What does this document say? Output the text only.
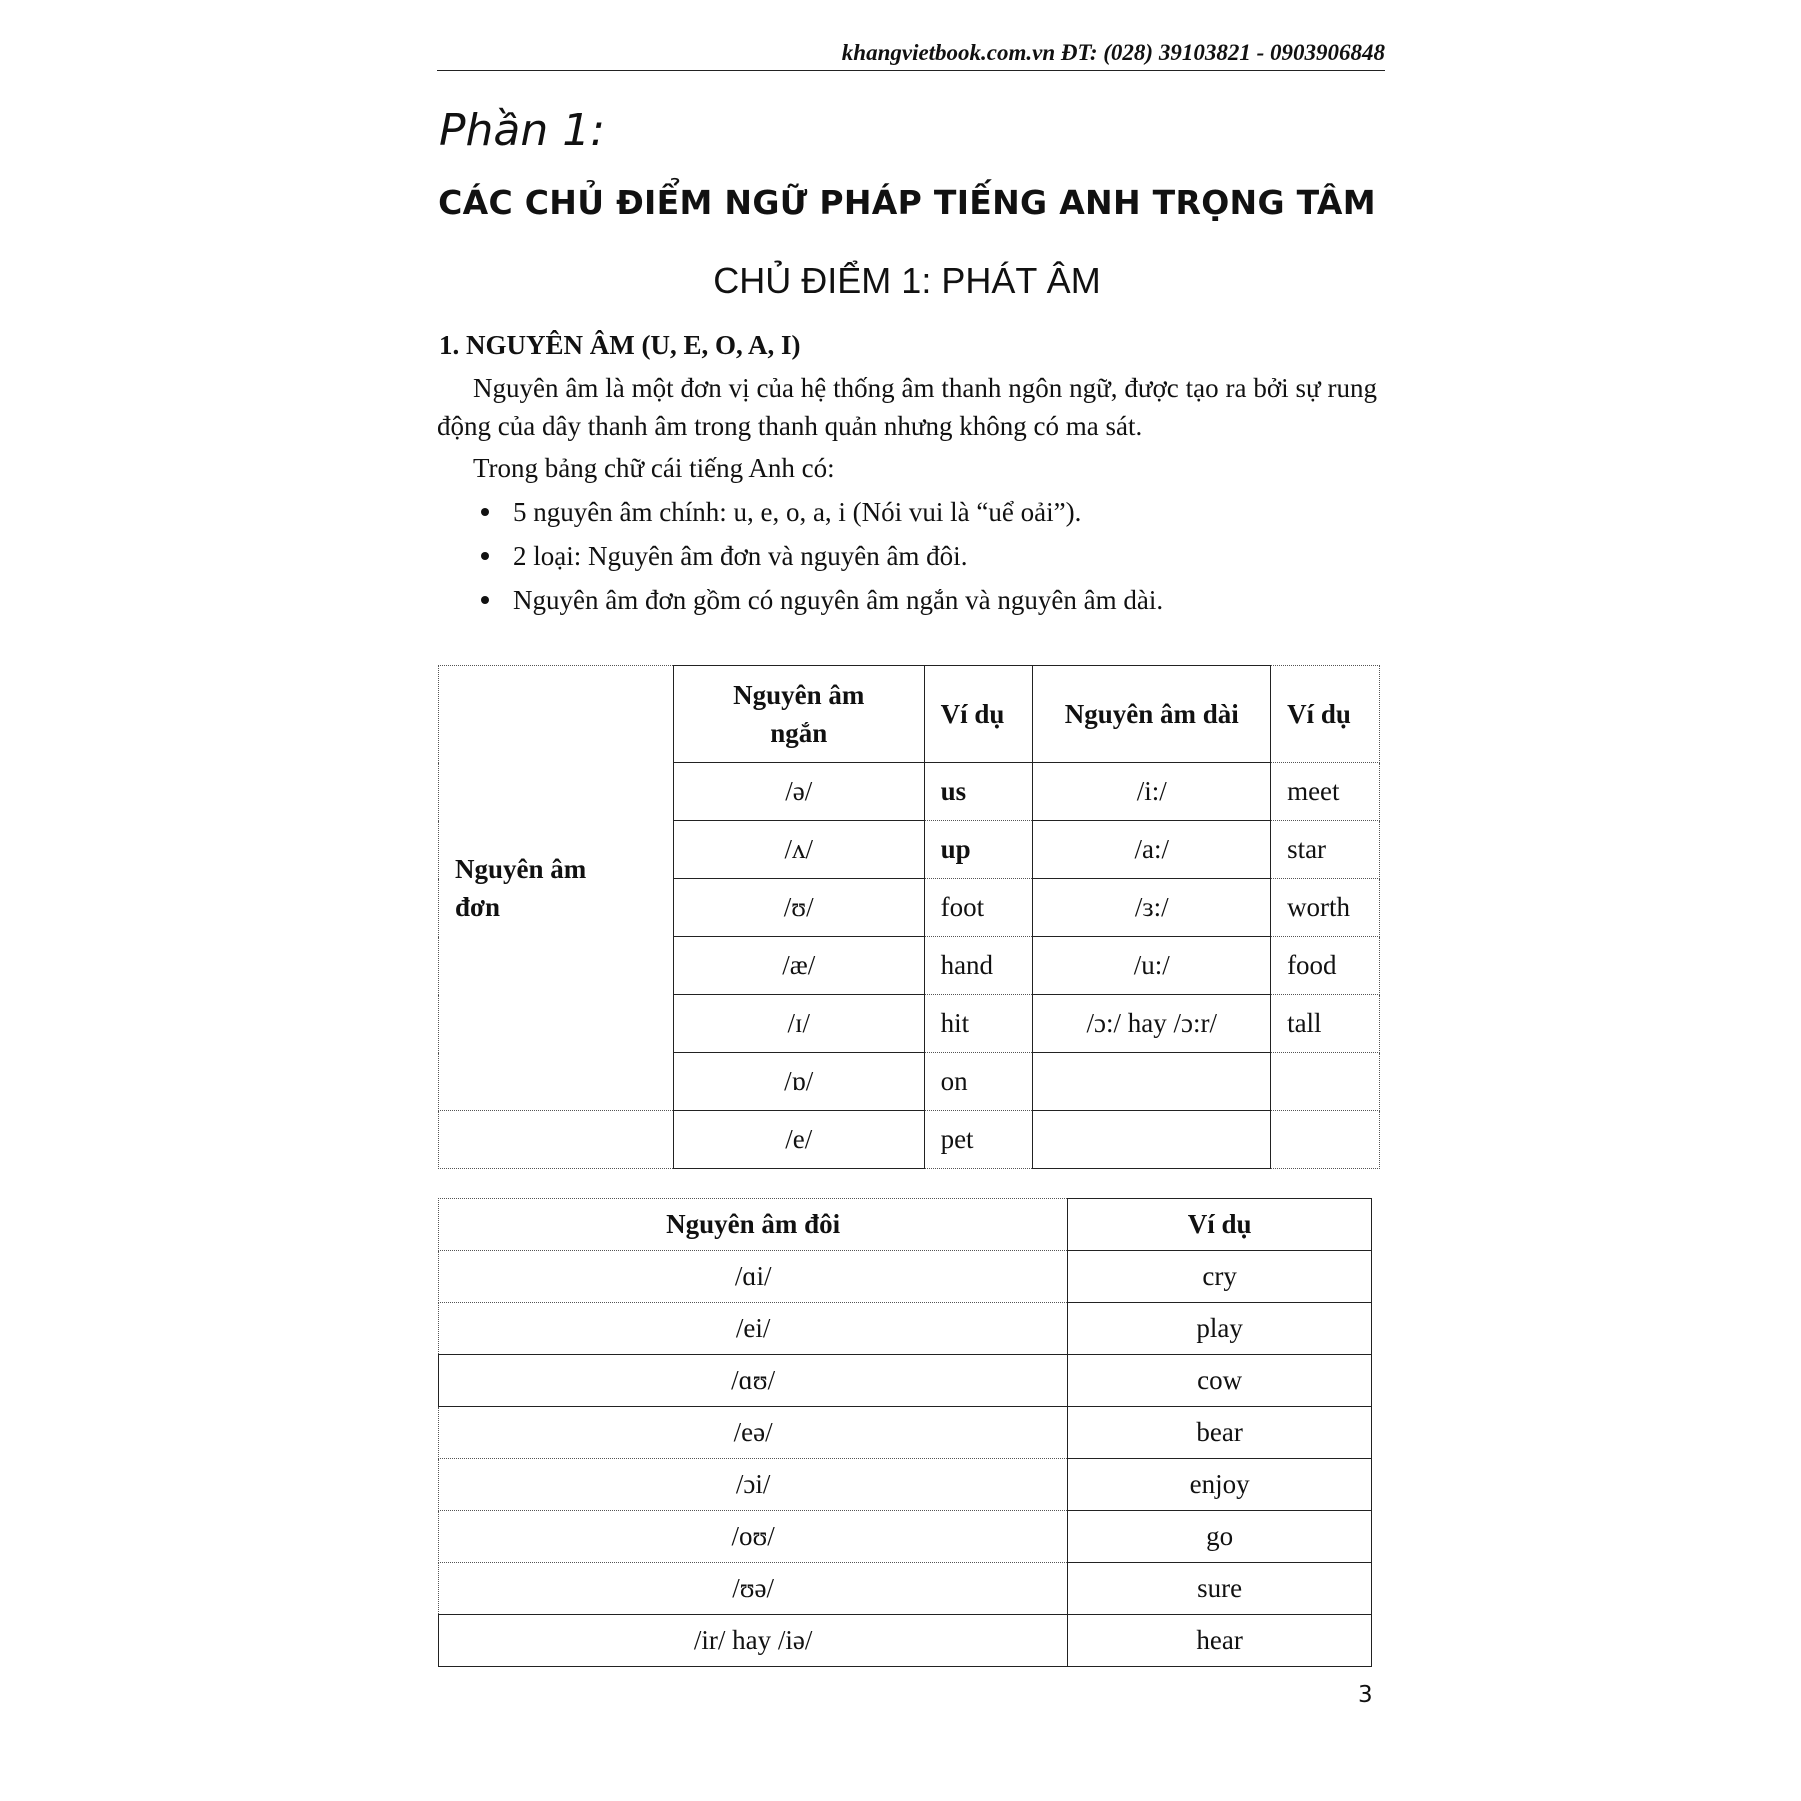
khangvietbook.com.vn ĐT: (028) 39103821 - 0903906848
Phần 1:
CÁC CHỦ ĐIỂM NGỮ PHÁP TIẾNG ANH TRỌNG TÂM
CHỦ ĐIỂM 1: PHÁT ÂM
1. NGUYÊN ÂM (U, E, O, A, I)

Nguyên âm là một đơn vị của hệ thống âm thanh ngôn ngữ, được tạo ra bởi sự rung động của dây thanh âm trong thanh quản nhưng không có ma sát.

Trong bảng chữ cái tiếng Anh có:

5 nguyên âm chính: u, e, o, a, i (Nói vui là “uể oải”).
2 loại: Nguyên âm đơn và nguyên âm đôi.
Nguyên âm đơn gồm có nguyên âm ngắn và nguyên âm dài.
Nguyên âm đơn	Nguyên âm ngắn	Ví dụ	Nguyên âm dài	Ví dụ
	/ə/	us	/i:/	meet
	/ʌ/	up	/a:/	star
	/ʊ/	foot	/ɜ:/	worth
	/æ/	hand	/u:/	food
	/ɪ/	hit	/ɔ:/ hay /ɔ:r/	tall
	/ɒ/	on		
	/e/	pet		
Nguyên âm đôi	Ví dụ
/ɑi/	cry
/ei/	play
/ɑʊ/	cow
/eə/	bear
/ɔi/	enjoy
/oʊ/	go
/ʊə/	sure
/ir/ hay /iə/	hear
3
